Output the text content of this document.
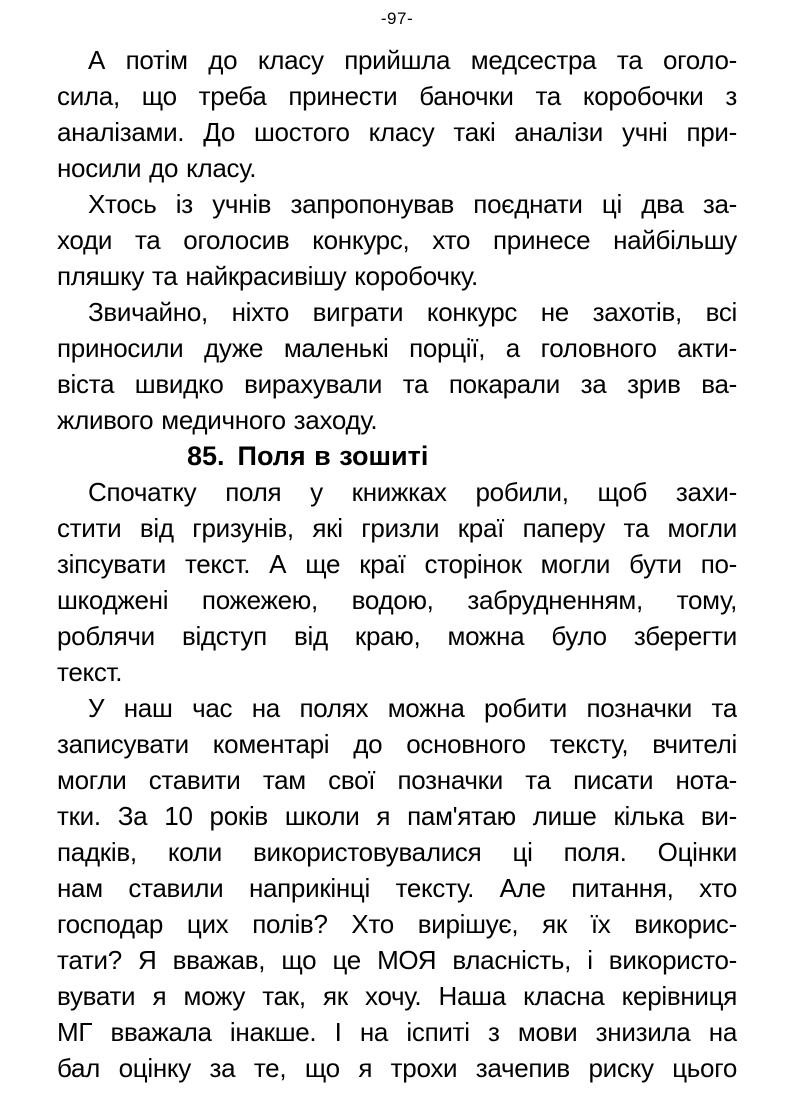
-97-
А потім до класу прийшла медсестра та оголо-
сила, що треба принести баночки та коробочки з
аналізами. До шостого класу такі аналізи учні при-
носили до класу.
Хтось із учнів запропонував поєднати ці два за-
ходи та оголосив конкурс, хто принесе найбільшу
пляшку та найкрасивішу коробочку.
Звичайно, ніхто виграти конкурс не захотів, всі
приносили дуже маленькі порції, а головного акти-
віста швидко вирахували та покарали за зрив ва-
жливого медичного заходу.
85. Поля в зошиті
Спочатку поля у книжках робили, щоб захи-
стити від гризунів, які гризли краї паперу та могли
зіпсувати текст. А ще краї сторінок могли бути по-
шкоджені пожежею, водою, забрудненням, тому,
роблячи відступ від краю, можна було зберегти
текст.
У наш час на полях можна робити позначки та
записувати коментарі до основного тексту, вчителі
могли ставити там свої позначки та писати нота-
тки. За 10 років школи я пам'ятаю лише кілька ви-
падків, коли використовувалися ці поля. Оцінки
нам ставили наприкінці тексту. Але питання, хто
господар цих полів? Хто вирішує, як їх викорис-
тати? Я вважав, що це МОЯ власність, і використо-
вувати я можу так, як хочу. Наша класна керівниця
МГ вважала інакше. І на іспиті з мови знизила на
бал оцінку за те, що я трохи зачепив риску цього
